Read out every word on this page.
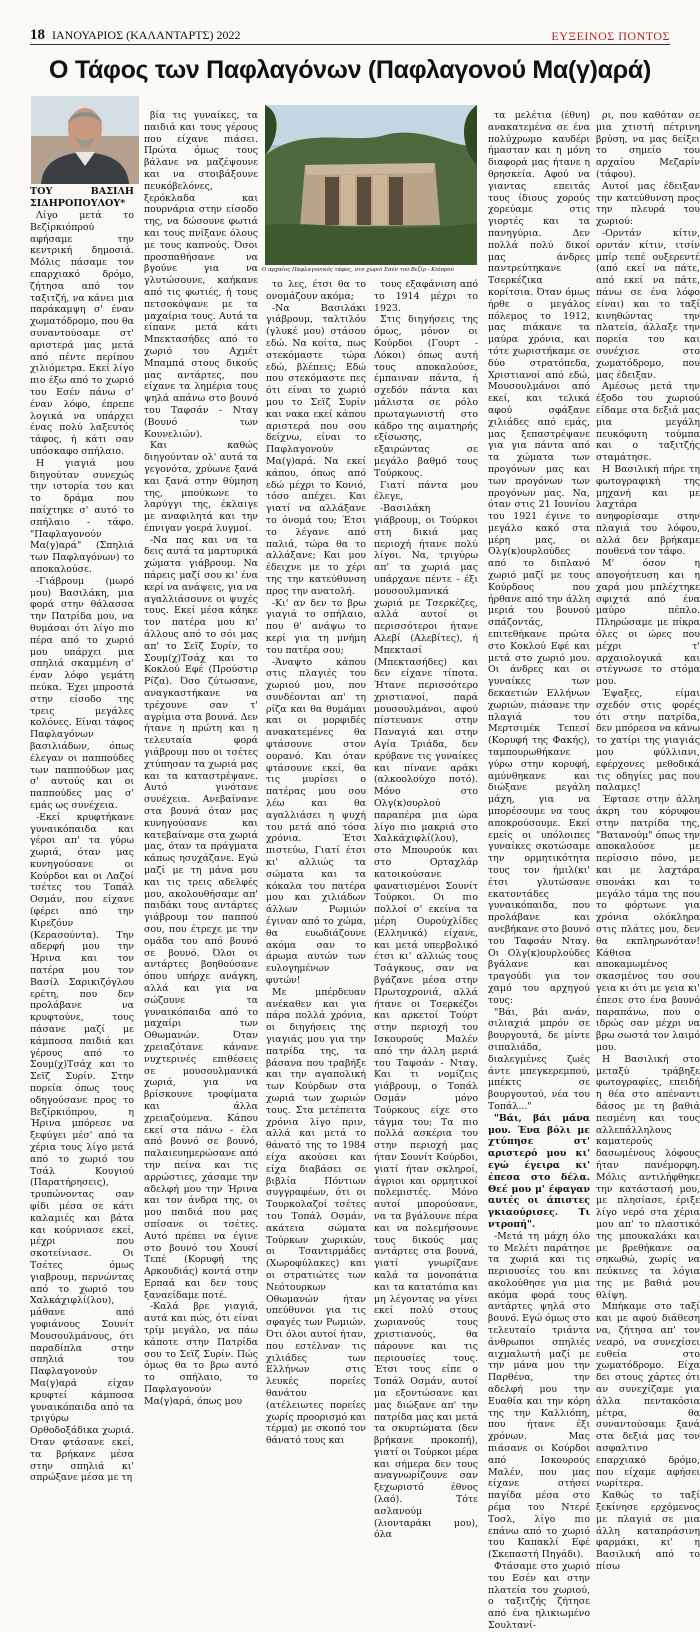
18 ΙΑΝΟΥΑΡΙΟΣ (ΚΑΛΑΝΤΑΡΤΣ) 2022	ΕΥΞΕΙΝΟΣ ΠΟΝΤΟΣ
Ο Τάφος των Παφλαγόνων (Παφλαγονού Μα(γ)αρά)
Ο αρχαίος Παφλαγονικός τάφος, στο χωριό Εσέν του Βεζίρ - Κιόπρού

ΤΟΥ ΒΑΣΙΛΗ ΣΙΔΗΡΟΠΟΥΛΟΥ*

Λίγο μετά το Βεζίρκιόπρού αφήσαμε την κεντρική δημοσιά. Μόλις πάσαμε τον επαρχιακό δρόμο, ζήτησα από τον ταξιτζή, να κάνει μια παράκαμψη σ' έναν χωματόδρομο, που θα συναντούσαμε στ' αριστερά μας μετά από πέντε περίπου χιλιόμετρα. Εκεί λίγο πιο έξω από το χωριό του Εσέν πάνω σ' έναν λόφο, έπρεπε λογικά να υπάρχει ένας πολύ λαξευτός τάφος, ή κάτι σαν υπόσκαφο σπήλαιο.

Η γιαγιά μου διηγούταν συνεχώς την ιστορία του και το δράμα που παίχτηκε σ' αυτό το σπήλαιο - τάφο. "Παφλαγονούν Μα(γ)αρά" (Σπηλιά των Παφλαγόνων) το αποκαλούσε.

-Γιάβρουμ (μωρό μου) Βασιλάκη, μια φορά στην θάλασσα την Πατρίδα μου, να θυμάσαι ότι λίγο πιο πέρα από το χωριό μου υπάρχει μια σπηλιά σκαμμένη σ' έναν λόφο γεμάτη πεύκα. Έχει μπροστά στην είσοδο της τρεις μεγάλες κολόνες. Είναι τάφος Παφλαγόνων βασιλιάδων, όπως έλεγαν οι παππούδες των παππούδων μας σ' αυτούς και οι παππούδες μας σ' εμάς ως συνέχεια.

-Εκεί κρυφτήκανε γυναικόπαιδα και γέροι απ' τα γύρω χωριά, όταν μας κυνηγούσανε οι Κούρδοι και οι Λαζοί τσέτες του Τοπάλ Οσμάν, που είχανε (φέρει από την Κιρεζόυν (Κερασούντα). Την αδερφή μου την Ήρινα και τον πατέρα μου τον Βασίλ Σαρικιζόγλου ερέτη, που δεν προλάβανε να κρυφτούνε, τους πάσανε μαζί με κάμποσα παιδιά και γέρους από το Σουμ(χ)Τσάχ και το Σεϊζ Συρίν. Στην πορεία όπως τους οδηγούσανε προς το Βεζίρκιόπρου, η Ήρινα μπόρεσε να ξεφύγει μέσ' από τα χέρια τους λίγο μετά από το χωριό του Τσάλ Κουγιού (Παρατήρησεις), τρυπώνοντας σαν φίδι μέσα σε κάτι καλαμιές και βάτα και κούρνιασε εκεί, μέχρι που σκοτείνιασε. Οι Τσέτες όμως γιαβρουμ, περνώντας από το χωριό του Χαλκάχιφλί(λου), μάθανε από γυφιάνους Σουνίτ Μουσουλμάνους, ότι παραδίπλα στην σπηλιά του Παφλαγονούν Μα(γ)αρά είχαν κρυφτεί κάμποσα γυναικόπαιδα από τα τριγύρω Ορθοδοξάδικα χωριά. Όταν φτάσανε εκεί, τα βρήκανε μέσα στην σπηλιά κι' σπρώξανε μέσα με τη

βία τις γυναίκες, τα παιδιά και τους γέρους που είχανε πιάσει. Πρώτα όμως τους βάλανε να μαζέψουνε και να στοιβάξουνε πευκόβελόνες, ξερόκλαδα και πουρνάρια στην είσοδο της, να δώσουνε φωτιά και τους πνίξανε όλους με τους καπνούς. Όσοι προσπαθήσανε να βγούνε για να γλυτώσουνε, καήκανε από τις φωτιές, ή τους πετσοκόψανε με τα μαχαίρια τους. Αυτά τα είπανε μετά κάτι Μπεκτασήδες από το χωριό του Αχμέτ Μπαμπά στους δικούς μας αντάρτες, που είχανε τα λημέρια τους ψηλά απάνω στο βουνό του Ταφσάν - Νταγ (Βουνό των Κουνελιών).

Και καθώς διηγούνταν ολ' αυτά τα γεγονότα, χρύωνε ξανά και ξανά στην θύμηση της, μπούκωνε το λαρύγγι της, έκλαιγε με αναφιλητά και την έπνιγαν γοερά λυγμοί.

-Να πας και να τα δεις αυτά τα μαρτυρικά χώματα γιάβρουμ. Να πάρεις μαζί σου κι' ένα κερί να ανάψεις, για να αγαλλιάσουνε οι ψυχές τους. Εκεί μέσα κάηκε τον πατέρα μου κι' άλλους από το σόι μας απ' το Σεϊζ Συρίν, το Σουμ(χ)Τσάχ και το Κοκλού Εφέ (Προύστιρ Ρίζα). Όσο ζύτωσανε, αναγκαστήκανε να τρέχουνε σαν τ' αγρίμια στα βουνά. Δεν ήτανε η πρώτη και η τελευταία φορά γιάβρουμ που οι τσέτες χτύπησαν τα χωριά μας και τα καταστρέψανε. Αυτό γινότανε συνέχεια. Ανεβαίνανε στα βουνά όταν μας κυνηγούσανε και κατεβαίναμε στα χωριά μας, όταν τα πράγματα κάπως ησυχάζανε. Εγώ μαζί με τη μάνα μου και τις τρεις αδελφές μου, ακολουθήσαμε απ' παιδάκι τους αντάρτες γιάβρουμ τον παππού σου, που έτρεχε με την ομάδα του από βουνό σε βουνό. Όλοι οι αντάρτες βοηθούσανε όπου υπήρχε ανάγκη, αλλά και για να σώζουνε τα γυναικόπαιδα από το μαχαίρι των Οθωμανών. Όταν χρειαζότανε κάνανε νυχτερινές επιθέσεις σε μουσουλμανικά χωριά, για να βρίσκουνε τροφίματα και άλλα χρειαζούμενα. Κάπου εκεί στα πάνω - έλα από βουνό σε βουνό, παλαιευημερώσανε από την πείνα και τις αρρώστιες, χάσαμε την αδελφή μου την Ήρινα και τον άνδρα της, οι μου παιδιά που μας σπίσανε οι τσέτες. Αυτό πρέπει να έγινε στο βουνό του Χουσί Τεπέ (Κορυφή της Αρκουδιάς) κοντά στην Ερπαά και δεν τους ξαναείδαμε ποτέ.

-Καλά βρε γιαγιά, αυτά και πώς, ότι είναι τρίμ μεγάλο, να πάω κάποτε στην Πατρίδα σου το Σεϊζ Συρίν. Πώς όμως θα το βρω αυτό το σπήλαιο, το Παφλαγονούν Μα(γ)αρά, όπως μου

το λες, έτσι θα το ονομάζουν ακόμα;

-Να Βασιλάκι γιάβρουμ, ταλτιλόυ (γλυκέ μου) στάσου εδώ. Να κοίτα, πως στεκόμαστε τώρα εδώ, βλέπεις; Εδώ που στεκόμαστε πες ότι είναι το χωριό μου το Σεϊζ Συρίν και νακα εκεί κάπου αριστερά που σου δείχνω, είναι το Παφλαγονούν Μα(γ)αρά. Να εκεί κάπου, όπως από εδώ μέχρι το Κονιό, τόσο απέχει. Και γιατί να αλλάξανε το όνομά του; Έτσι το λέγανε από παλιά, τώρα θα το αλλάξανε; Και μου έδειχνε με το χέρι της την κατεύθυνση προς την ανατολή.

-Κι' αν δεν το βρω γιαγιά το σπήλαιο, που θ' ανάψω το κερί για τη μνήμη του πατέρα σου;

-Άναψτο κάπου στις πλαγιές του χωριού μου, που συνδέονται απ' τη ρίζα και θα θυμάμαι και οι μορφιδές ανακατεμένες θα φτάσουνε στον ουρανό. Και όταν φτάσουνε εκεί, θα τις μυρίσει ο πατέρας μου σου λέω και θα αγαλλιάσει η ψυχή του μετά από τόσα χρόνια. Έτσι πιστεύω, Γιατί έτσι κι' αλλιώς τα σώματα και τα κόκαλα του πατέρα μου και χιλιάδων άλλων Ρωμιών έγιναν από το χώμα, θα ευωδιάζουνε ακόμα σαν το άρωμα αυτών των ευλογημένων φυτών!

Με μπέρδευαν ανέκαθεν και για πάρα πολλά χρόνια, οι διηγήσεις της γιαγιάς μου για την πατρίδα της, τα βάσανα που τραβήξε και την αγαπολική των Κούρδων στα χωριά των χωριών τους. Στα μετέπειτα χρόνια λίγο πριν, αλλά και μετά το θάνατό της το 1984 είχα ακούσει και είχα διαβάσει σε βιβλία Πόντιων συγγραφέων, ότι οι Τουρκολαζοί τσέτες του Τοπάλ Οσμάν, ακάτεια σώματα Τούρκων χωρικών, οι Τσαντιρμάδες (Χωροφύλακες) και οι στρατιώτες των Νεότουρκων Οθωμανών ήταν υπεύθυνοι για τις σφαγές των Ρωμιών. Ότι όλοι αυτοί ήταν, που εστέλναν τις χιλιάδες των Ελλήνων στις λευκές πορείες θανάτου (ατέλειωτες πορείες χωρίς προορισμό και τέρμα) με σκοπό τον θάνατό τους και

τους εξαφάνιση από το 1914 μέχρι το 1923.

Στις διηγήσεις της όμως, μόνον οι Κούρδοι (Γουρτ - Λόκοι) όπως αυτή τους αποκαλούσε, έμπαιναν πάντα, ή σχεδόν πάντα και μάλιστα σε ρόλο πρωταγωνιστή στο κάδρο της αιματηρής εξίσωσης, εξαιρώντας σε μεγάλο βαθμό τους Τούρκους.

Γιατί πάντα μου έλεγε,

-Βασιλάκη γιάβρουμ, οι Τούρκοι στη δικιά μας περιοχή ήτανε πολύ λίγοι. Να, τριγύρω απ' τα χωριά μας υπάρχανε πέντε - έξι μουσουλμανικά χωριά με Τσερκέζες, αλλά αυτοί οι περισσότεροι ήτανε Αλεβί (Αλεβίτες), ή Μπεκτασί (Μπεκτασήδες) και δεν είχανε τίποτα. Ήτανε περισσότερο χριστιανοί, παρά μουσουλμάνοι, αφού πίστευανε στην Παναγιά και στην Αγία Τριάδα, δεν κρύβανε τις γυναίκες και πίνανε αράκι (αλκοολούχο ποτό). Μόνο στο Ολγ(κ)ουρλού παραπέρα μια ώρα λίγο πιο μακριά στο Χαλκάχιφλί(λου), στο Μπουρούκ και στο Ορταχλάρ κατοικούσανε φανατισμένοι Σουνίτ Τούρκοι. Οι πιο πολλοί σ' εκείνα τα μέρη Ουρούχλίδες (Ελληνικά) είχανε, και μετά υπερβολικό έτσι κι' αλλιώς τους Τσάγκους, σαν να βγάζανε μέσα στην Πρωτοχρονιά, αλλά ήτανε οι Τσερκέζοι και αρκετοί Τούρτ στην περιοχή του Ισκουρούς Μαλέν από την άλλη μεριά του Ταφσάν - Νταγ. Και τι νομίζεις γιάβρουμ, ο Τοπάλ Οσμάν μόνο Τούρκους είχε στο τάγμα του; Τα πιο πολλά ασκέρια του στην περιοχή μας ήταν Σουνίτ Κούρδοι, γιατί ήταν σκληροί, άγριοι και ορμητικοί πολεμιστές. Μόνο αυτοί μπορούσανε, να τα βγάλουνε πέρα και να πολεμήσουνε τους δικούς μας αντάρτες στα βουνά, γιατί γνωρίζανε καλά τα μονοπάτια και τα κατατόπια και μη λέγοντας να γίνει εκεί πολύ στους χωριανούς τους χριστιανούς, θα πάρουνε και τις περιουσίες τους. Έτσι τους είπε ο Τοπάλ Οσμάν, αυτοί μα εξοντώσανε και μας διώξανε απ' την πατρίδα μας και μετά τα σκυρτώματα (δεν βρήκανε προκοπή), γιατί οι Τούρκοι μέρα και σήμερα δεν τους αναγνωρίζουνε σαν ξεχωριστό έθνος (λαό). Τότε ασλανούμ (λιονταράκι μου), όλα

τα μελέτια (έθνη) ανακατεμένα σε ένα πολύχρωμο καυδέρι ήμασταν και η μόνη διαφορά μας ήτανε η θρησκεία. Αφού να γιαντας επειτάς τους ίδιους χορούς χορεύαμε στις γιορτές και τα πανηγύρια. Δεν πολλά πολύ δικοί μας άνδρες παντρεύτηκανε Τσερκέζικα κορίτσια. Όταν όμως ήρθε ο μεγάλος πόλεμος το 1912, μας πιάκανε τα μαύρα χρόνια, και τότε χωριστήκαμε σε δύο στρατόπεδα, Χριστιανοί από εδώ, Μουσουλμάνοι από εκεί, και τελικά αφού σφάξανε χιλιάδες από εμάς, μας ξεπαστρέψανε για για πάντα από τα χώματα των προγόνων μας και των προγόνων των προγόνων μας. Να, όταν στις 21 Ιουνίου του 1921 έγινε το μεγάλο κακό στα μέρη μας, οι Ολγ(κ)ουρλούδες από το διπλανό χωριό μαζί με τους Κούρδους που ήρθανε από την άλλη μεριά του βουνού σπάζοντάς, επιτεθήκανε πρώτα στο Κοκλού Εφέ και μετά στο χωριό μου. Οι άνδρες και οι γυναίκες των δεκαετιών Ελλήνων χωριών, πιάσανε την πλαγιά του Μερτσιμέκ Τεπεσί (Κορυφή της Φακής), ταμπουρωθήκανε γύρω στην κορυφή, αμύνθηκανε και διώξανε μεγάλη μάχη, για να μπορέσουμε να τους αποκρούσουμε. Εκεί εμείς οι υπόλοιπες γυναίκες σκοτώσαμε την ορμητικότητα τους τον ήμιλ(κι' έτσι γλυτώσανε εκατοντάδες γυναικόπαιδα, που προλάβανε και ανεβήκανε στο βουνό του Ταφσάν Νταγ. Οι Ολγ(κ)ουρλούδες βγάλανε και τραγούδι για τον χαμό του αρχηγού τους:

"Βάι, βάι ανάν, σιλιαχιά μπρόν σε βουργουτά, δε μίντε σιπαλιάδα, διαλεγμένες ζωές άντε μπεγκερεμπού, μπέκτς σε βουργουτού, νέα του Τοπάλ..."

"Βάι, βάι μάνα μου. Ένα βόλι με χτύπησε στ' αριστερό μου κι' εγώ έγειρα κι' έπεσα στο δέλα. Θεέ μου μ' έφαγαν αυτές οι άπιστες γκιαούρισες. Τι ντροπή".

-Μετά τη μάχη όλο το Μελέτι παράτησε τα χωριά και τις περιουσίες του και ακολούθησε για μια ακόμα φορά τους αντάρτες ψηλά στο βουνό. Εγώ όμως στο τελευταίο τριάντα άνθρωποι σπηλιές αιχμαλωτή μαζί με την μάνα μου την Παρθένα, την αδελφή μου την Ευαθία και την κόρη της την Καλλιόπη, που ήτανε έξι χρόνων. Μας πιάσανε οι Κούρδοι από Ισκουρούς Μαλέν, που μας είχανε στήσει παγίδα μέσα στο ρέμα του Ντερέ Τοσλ, λίγο πιο επάνω από το χωριό του Καπακλί Εφέ (Σκεπαστή Πηγάδι).

Φτάσαμε στο χωριό του Εσέν και στην πλατεία του χωριού, ο ταξιτζής ζήτησε από ένα ηλικιωμένο Σουλτανί-

ρι, που καθόταν σε μια χτιστή πέτρινη βρύση, να μας δείξει το σημείο του αρχαίου Μεζαρίν (τάφου).

Αυτοί μας έδειξαν την κατεύθυνση προς την πλευρά του χωριού:

-Ορντάν κίτιν, ορντάν κίτιν, ιτσίν μπίρ τεπέ ουξερεντέ (από εκεί να πάτε, από εκεί να πάτε, πάνω σε ένα λόφο είναι) και το ταξί κινηθώντας την πλατεία, άλλαξε την πορεία του και συνέχισε στο χωματόδρομο, που μας έδειξαν.

Αμέσως μετά την έξοδο του χωριού είδαμε στα δεξιά μας μια μεγάλη πευκόφυτη τούμπα και ο ταξιτζής σταμάτησε.

Η Βασιλική πήρε τη φωτογραφική της μηχανή και με λαχτάρα ανηφορίσαμε στην πλαγιά του λόφου, αλλά δεν βρήκαμε πουθενά τον τάφο.

Μ' όσον η απογοήτευση και η χαρά μου μπλέχτηκε σφιχτά από ένα μαύρο πέπλο. Πληρώσαμε με πίκρα όλες οι ώρες που μέχρι τ' αρχαιολογικά και στέγνωσε το στόμα μου.

Έψαξες, είμαι σχεδόν στις φορές ότι στην πατρίδα, δεν μπόρεσα να κάνω το χατίρι της γιαγιάς μου φύλλιανι, εφέρχονες μεθοδικά τις οδηγίες μας που παλαμες!

Έφτασε στην άλλη άκρη του κόρυφου στην πατρίδα της, "Βατανούμ" όπως την αποκαλούσε με περίσσιο πόνο, με και με λαχτάρα σπονάκι και το μεγάλο τάμα της που το φόρτωνε για χρόνια ολόκληρα στις πλάτες μου, δεν θα εκπληρωνόταν! Κάθισα αποκαμωμένος σκασμένος του σου γεια κι ότι με γεια κι' έπεσε στο ένα βουνό παραπάνω, που ο ιδρώς σαν μέχρι να βρω σωστά τον λαιμό μου.

Η Βασιλική στο μεταξύ τράβηξε φωτογραφίες, επειδή η θέα στο απέναντι δάσος με τη βαθιά πεσμένη και τους αλλεπάλληλους καματερούς δασωμένους λόφους ήταν πανέμορφη. Μόλις αντιλήφθηκε την κατάστασή μου, με πλησίασε, έριξε λίγο νερό στα χέρια μου απ' το πλαστικό της μπουκαλάκι και με βρεθήκανε σα σηκωθώ, χωρίς να πεύκινες τα λόγια της με βαθιά μου θλίψη.

Μπήκαμε στο ταξί και με αφού διάθεση να, ζήτησα απ' τον νεαρό, να συνεχίσει ευθεία στο χωματόδρομο. Είχα δει στους χάρτες ότι αν συνεχίζαμε για άλλα πεντακόσια μέτρα, θα συναντούσαμε ξανά στα δεξιά μας τον ασφαλτινο επαρχιακό δρόμο, που είχαμε αφήσει νωρίτερα.

Καθώς το ταξί ξεκίνησε ερχόμενος με πλαγιά σε μια άλλη καταπράσινη φαρμάκι, κι' η Βασιλική από το πίσω
